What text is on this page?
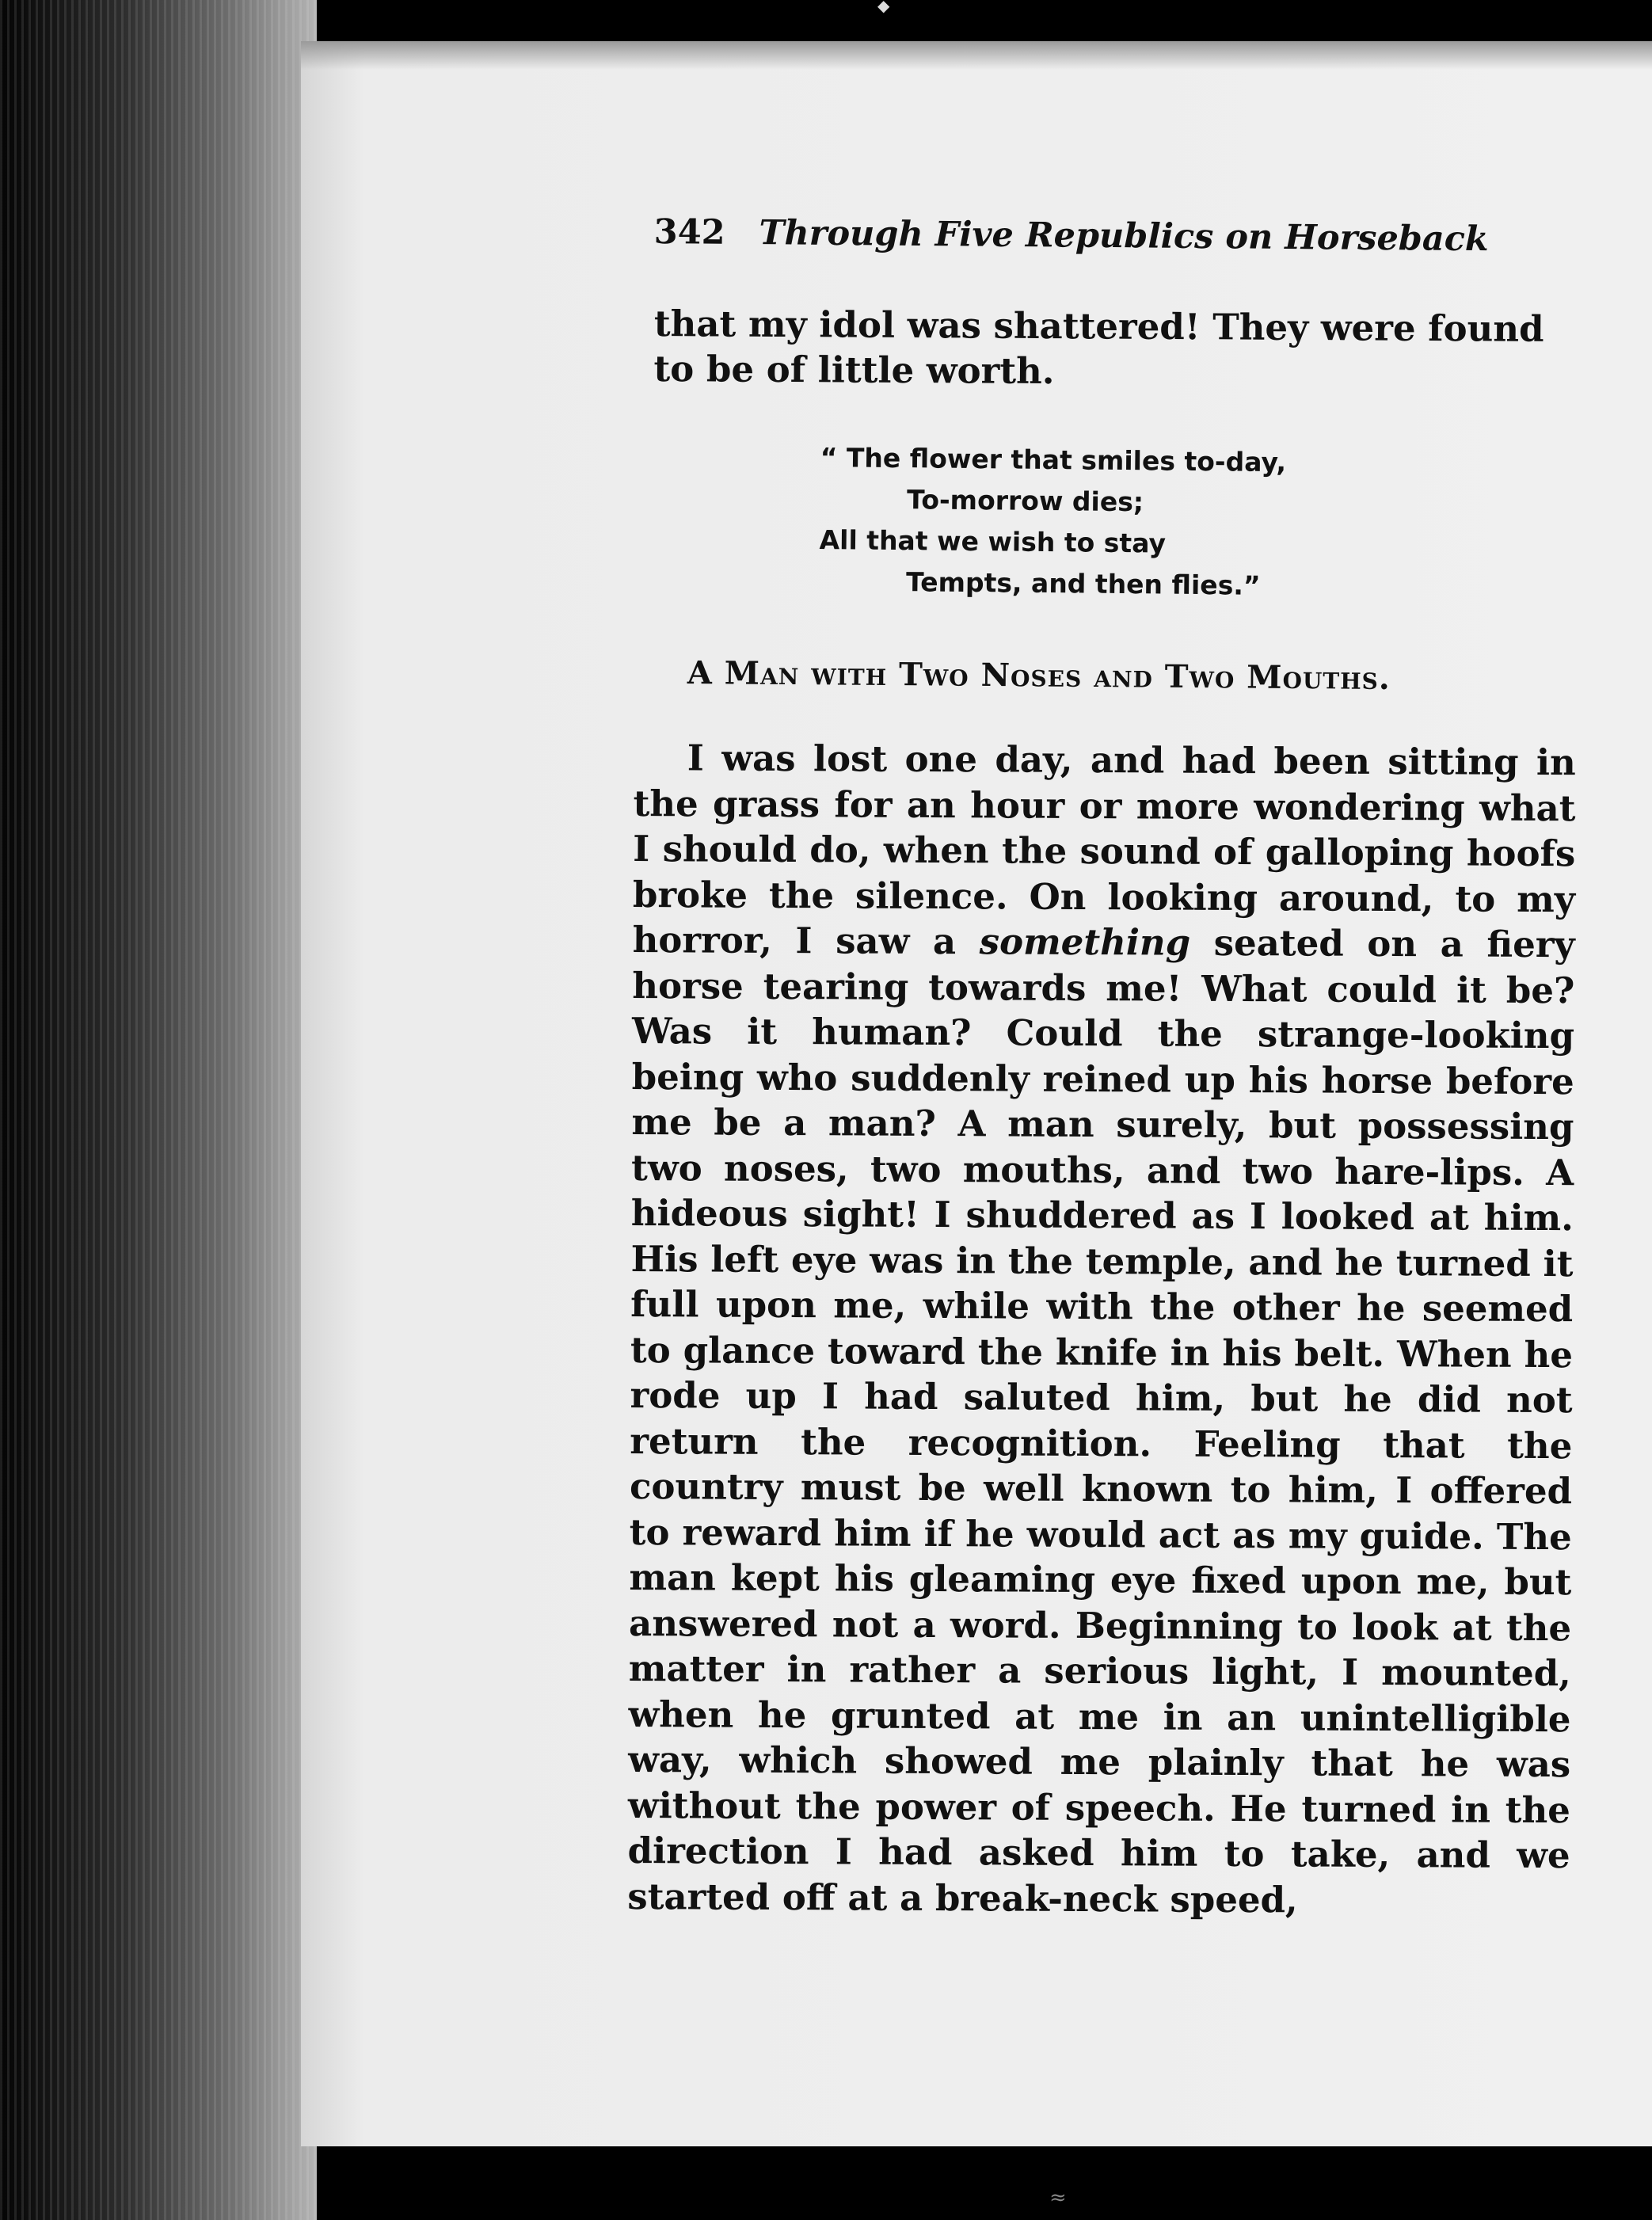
◆
≈
342 Through Five Republics on Horseback
that my idol was shattered! They were found to be of little worth.
“ The flower that smiles to-day,
To-morrow dies;
All that we wish to stay
Tempts, and then flies.”
A Man with Two Noses and Two Mouths.
I was lost one day, and had been sitting in the grass for an hour or more wondering what I should do, when the sound of galloping hoofs broke the silence. On looking around, to my horror, I saw a something seated on a fiery horse tearing towards me! What could it be? Was it human? Could the strange-looking being who suddenly reined up his horse before me be a man? A man surely, but possessing two noses, two mouths, and two hare-lips. A hideous sight! I shuddered as I looked at him. His left eye was in the temple, and he turned it full upon me, while with the other he seemed to glance toward the knife in his belt. When he rode up I had saluted him, but he did not return the recognition. Feeling that the country must be well known to him, I offered to reward him if he would act as my guide. The man kept his gleaming eye fixed upon me, but answered not a word. Beginning to look at the matter in rather a serious light, I mounted, when he grunted at me in an unintelligible way, which showed me plainly that he was without the power of speech. He turned in the direction I had asked him to take, and we started off at a break-neck speed,
